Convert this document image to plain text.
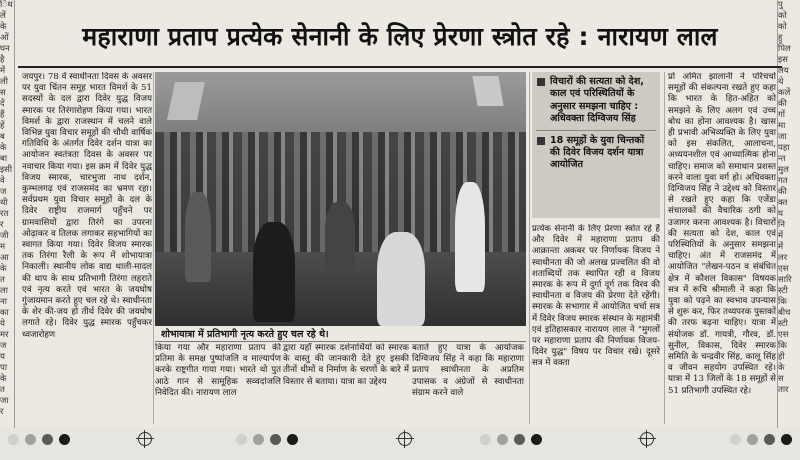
िथ
लें
के
ओं
घन
है
में
ली
स
दें
हैं
हें
ब
के
बा
इसी
वे
ज
थी
रत
र
जी
म
आ
के
त
ला
ना
का
ये
मर
ज
य
पा
के
त
जा
र
पु
को
को
हु
पिल
इस
लय
थे
कलें
की
गों
मा
जा
पहा
न्त
मुल
गत
की
क्त
घ
नि
में
में
लर
एस
सारि
स्टी
कि
बीच
स्टी
एस
कि
ही
के
स
तार
महाराणा प्रताप प्रत्येक सेनानी के लिए प्रेरणा स्त्रोत रहे : नारायण लाल

जयपुर। 78 वें स्वाधीनता दिवस के अवसर पर युवा चिंतन समूह भारत विमर्श के 51 सदस्यों के दल द्वारा दिवेर युद्ध विजय स्मारक पर तिरंगारोहण किया गया। भारत विमर्श के द्वारा राजस्थान में चलने वाले विभिन्न युवा विचार समूहों की चौथी वार्षिक गतिविधि के अंतर्गत दिवेर दर्शन यात्रा का आयोजन स्वतंत्रता दिवस के अवसर पर नवाचार किया गया। इस क्रम में दिवेर युद्ध विजय स्मारक, चारभुजा नाथ दर्शन, कुम्भलगढ़ एवं राजसमंद का भ्रमण रहा। सर्वप्रथम युवा विचार समूहों के दल के दिवेर राष्ट्रीय राजमार्ग पहुँचने पर ग्रामवासियों द्वारा तिरंगे का उपरना ओढ़ाकर व तिलक लगाकर सहभागियों का स्वागत किया गया। दिवेर विजय स्मारक तक तिरंगा रैली के रूप में शोभायात्रा निकाली। स्थानीय लोक वाद्य थाली-मादल की थाप के साथ प्रतिभागी तिरंगा लहराते एवं नृत्य करते एवं भारत के जयघोष गुंजायमान करते हुए चल रहे थे। स्वाधीनता के शेर की-जय हो तीर्थ दिवेर की जयघोष लगाते रहे। दिवेर युद्ध स्मारक पहुँचकर ध्वजारोहण	शोभायात्रा में प्रतिभागी नृत्य करते हुए चल रहे थे।

किया गया और महाराणा प्रताप की प्रतिमा के समक्ष पुष्पांजलि व माल्यार्पण करके राष्ट्रगीत गाया गया। भारते थो पुत आठे गान से सामूहिक सव्वदांजलि निवेदित की। नारायण लाल

द्वारा यहाँ स्मारक दर्शनार्थियों को स्मारक के वास्तु की जानकारी देते हुए इसकी तीनों थीमों व निर्माण के चरणों के बारे में विस्तार से बताया। यात्रा का उद्देश्य

बताते हुए यात्रा के आयोजक दिग्विजय सिंह ने कहा कि महाराणा प्रताप स्वाधीनता के अप्रतिम उपासक व अंग्रेजों से स्वाधीनता संग्राम करने वाले

विचारों की सत्यता को देश, काल एवं परिस्थितियों के अनुसार समझना चाहिए : अधिवक्ता दिग्विजय सिंह
18 समूहों के युवा चिन्तकों की दिवेर विजय दर्शन यात्रा आयोजित

प्रत्येक सेनानी के लिए प्रेरणा स्त्रोत रहे हैं और दिवेर में महाराणा प्रताप की आक्रान्ता अकबर पर निर्णायक विजय ने स्वाधीनता की जो अलख प्रज्वलित की वो शताब्दियों तक स्थापित रही व विजय स्मारक के रूप में दुर्गा दूर्ग तक विरव की स्वाधीनता व विजय की प्रेरणा देते रहेंगी। स्मारक के सभागार में आयोजित चर्चा सत्र में दिवेर विजय स्मारक संस्थान के महामंत्री एवं इतिहासकार नारायण लाल ने "मुगलों पर महाराणा प्रताप की निर्णायक विजय-दिवेर युद्ध" विषय पर विचार रखे। दूसरे सत्र में वक्ता

प्रो अमित झालानी ने परिचर्चा समूहों की संकल्पना रखते हुए कहा कि भारत के हित-अहित को समझने के लिए अलग एवं उच्च बोध का होना आवश्यक है। खास ही प्रभावी अभिव्यक्ति के लिए युवा को इस संकलित, आलाचना, अध्ययनशील एवं आध्यात्मिक होना चाहिए। समाज को समाधान प्रशस्त करने वाला युवा वर्ग हो। अधिवक्ता दिग्विजय सिंह ने उद्देश्य को विस्तार से रखते हुए कहा कि एजेंडा संचालकों की वैचारिक ठगी को उजागर करना आवश्यक है। विचारों की सत्यता को देश, काल एवं परिस्थितियों के अनुसार समझना चाहिए। अंत में राजसमंद में आयोजित "लेखन-पठन व संबंधित क्षेत्र में कौशल विकास" विषयक सत्र में रूचि श्रीमाली ने कहा कि युवा को पढ़ने का स्वभाव उपन्यास से शुरू कर, फिर तथ्यपरक पुस्तकों की तरफ बढ़ना चाहिए। यात्रा में संयोजक डॉ. गायत्री, गौरव, डॉ. सुनील, विकास, दिवेर स्मारक समिति के चन्द्रवीर सिंह, कालू सिंह व जीवन सहयोग उपस्थित रहे। यात्रा में 13 जिलों के 18 समूहों से 51 प्रतिभागी उपस्थित रहे।
